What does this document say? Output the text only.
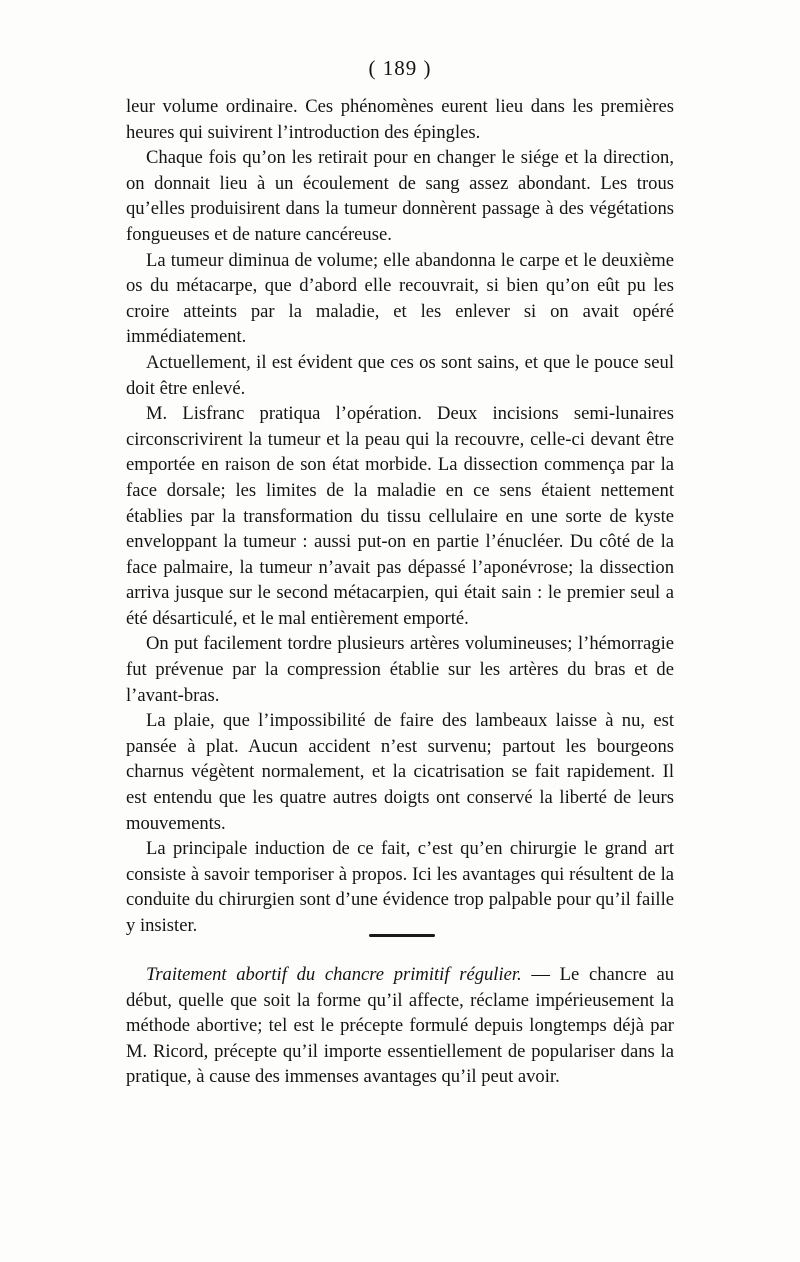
( 189 )

leur volume ordinaire. Ces phénomènes eurent lieu dans les premières heures qui suivirent l’introduction des épingles.

Chaque fois qu’on les retirait pour en changer le siége et la direction, on donnait lieu à un écoulement de sang assez abondant. Les trous qu’elles produisirent dans la tumeur donnèrent passage à des végétations fongueuses et de nature cancéreuse.

La tumeur diminua de volume; elle abandonna le carpe et le deuxième os du métacarpe, que d’abord elle recouvrait, si bien qu’on eût pu les croire atteints par la maladie, et les enlever si on avait opéré immédiatement.

Actuellement, il est évident que ces os sont sains, et que le pouce seul doit être enlevé.

M. Lisfranc pratiqua l’opération. Deux incisions semi-lunaires circonscrivirent la tumeur et la peau qui la recouvre, celle-ci devant être emportée en raison de son état morbide. La dissection commença par la face dorsale; les limites de la maladie en ce sens étaient nettement établies par la transformation du tissu cellulaire en une sorte de kyste enveloppant la tumeur : aussi put-on en partie l’énucléer. Du côté de la face palmaire, la tumeur n’avait pas dépassé l’aponévrose; la dissection arriva jusque sur le second métacarpien, qui était sain : le premier seul a été désarticulé, et le mal entièrement emporté.

On put facilement tordre plusieurs artères volumineuses; l’hémorragie fut prévenue par la compression établie sur les artères du bras et de l’avant-bras.

La plaie, que l’impossibilité de faire des lambeaux laisse à nu, est pansée à plat. Aucun accident n’est survenu; partout les bourgeons charnus végètent normalement, et la cicatrisation se fait rapidement. Il est entendu que les quatre autres doigts ont conservé la liberté de leurs mouvements.

La principale induction de ce fait, c’est qu’en chirurgie le grand art consiste à savoir temporiser à propos. Ici les avantages qui résultent de la conduite du chirurgien sont d’une évidence trop palpable pour qu’il faille y insister.

Traitement abortif du chancre primitif régulier. — Le chancre au début, quelle que soit la forme qu’il affecte, réclame impérieusement la méthode abortive; tel est le précepte formulé depuis longtemps déjà par M. Ricord, précepte qu’il importe essentiellement de populariser dans la pratique, à cause des immenses avantages qu’il peut avoir.
